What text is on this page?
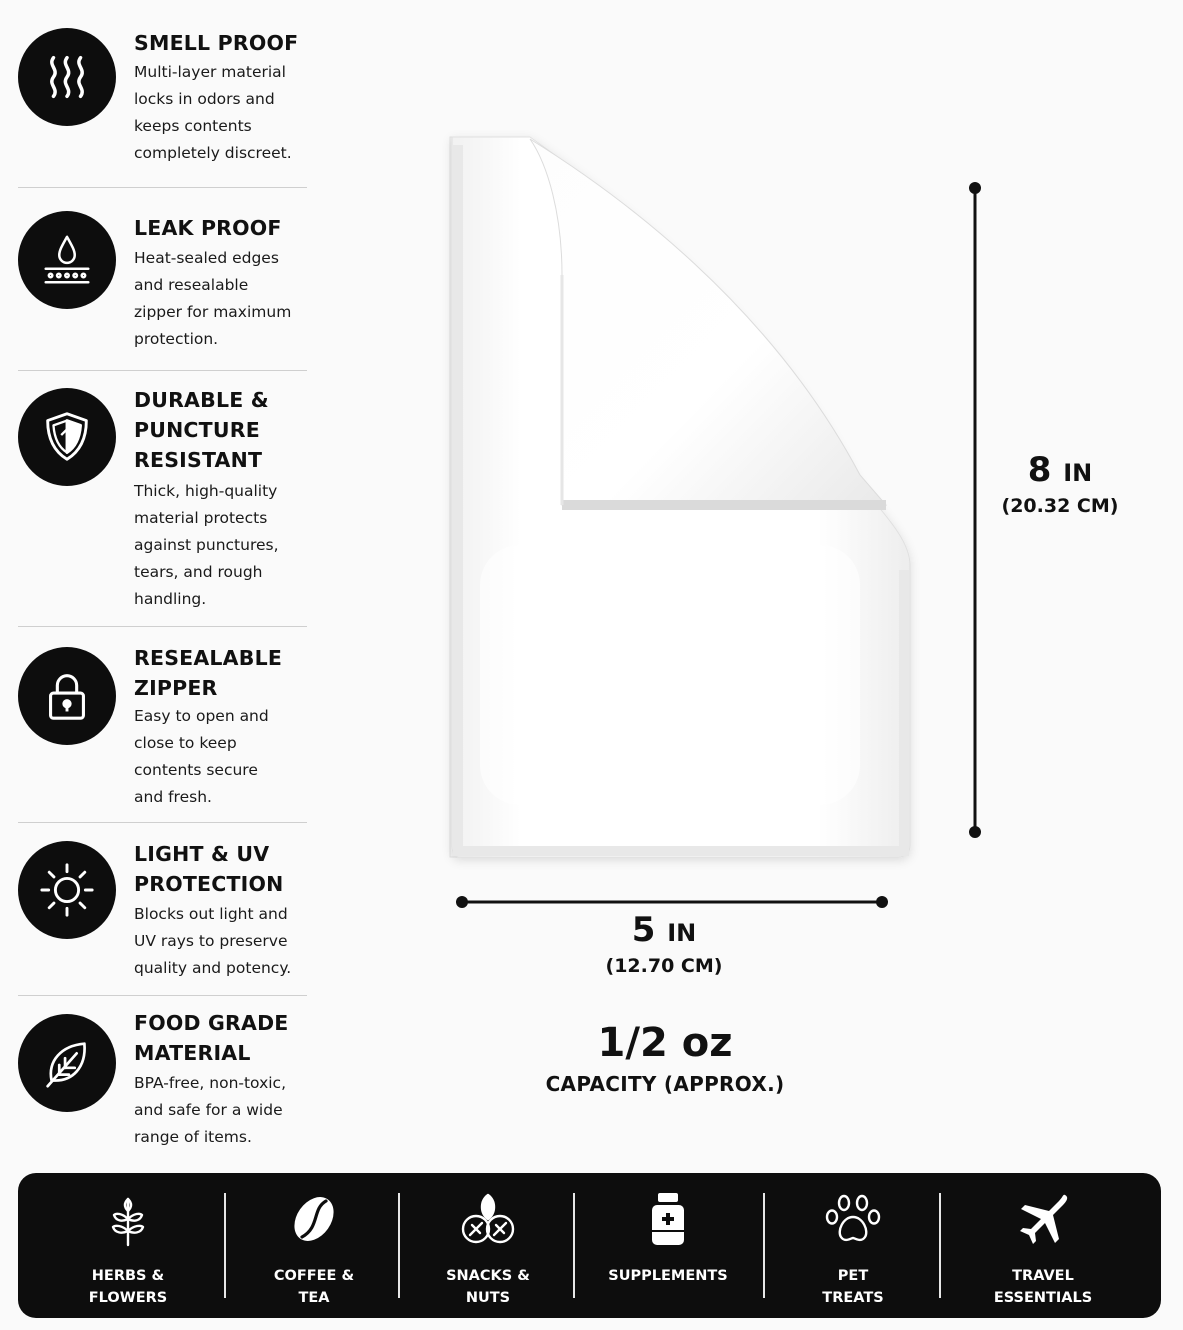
SMELL PROOF
Multi-layer material
locks in odors and
keeps contents
completely discreet.
LEAK PROOF
Heat-sealed edges
and resealable
zipper for maximum
protection.
DURABLE &
PUNCTURE
RESISTANT
Thick, high-quality
material protects
against punctures,
tears, and rough
handling.
RESEALABLE
ZIPPER
Easy to open and
close to keep
contents secure
and fresh.
LIGHT & UV
PROTECTION
Blocks out light and
UV rays to preserve
quality and potency.
FOOD GRADE
MATERIAL
BPA-free, non-toxic,
and safe for a wide
range of items.
8 IN
(20.32 CM)
5 IN
(12.70 CM)
1/2 oz
CAPACITY (APPROX.)
HERBS &
FLOWERS
COFFEE &
TEA
SNACKS &
NUTS
SUPPLEMENTS	PET
TREATS
TRAVEL
ESSENTIALS
